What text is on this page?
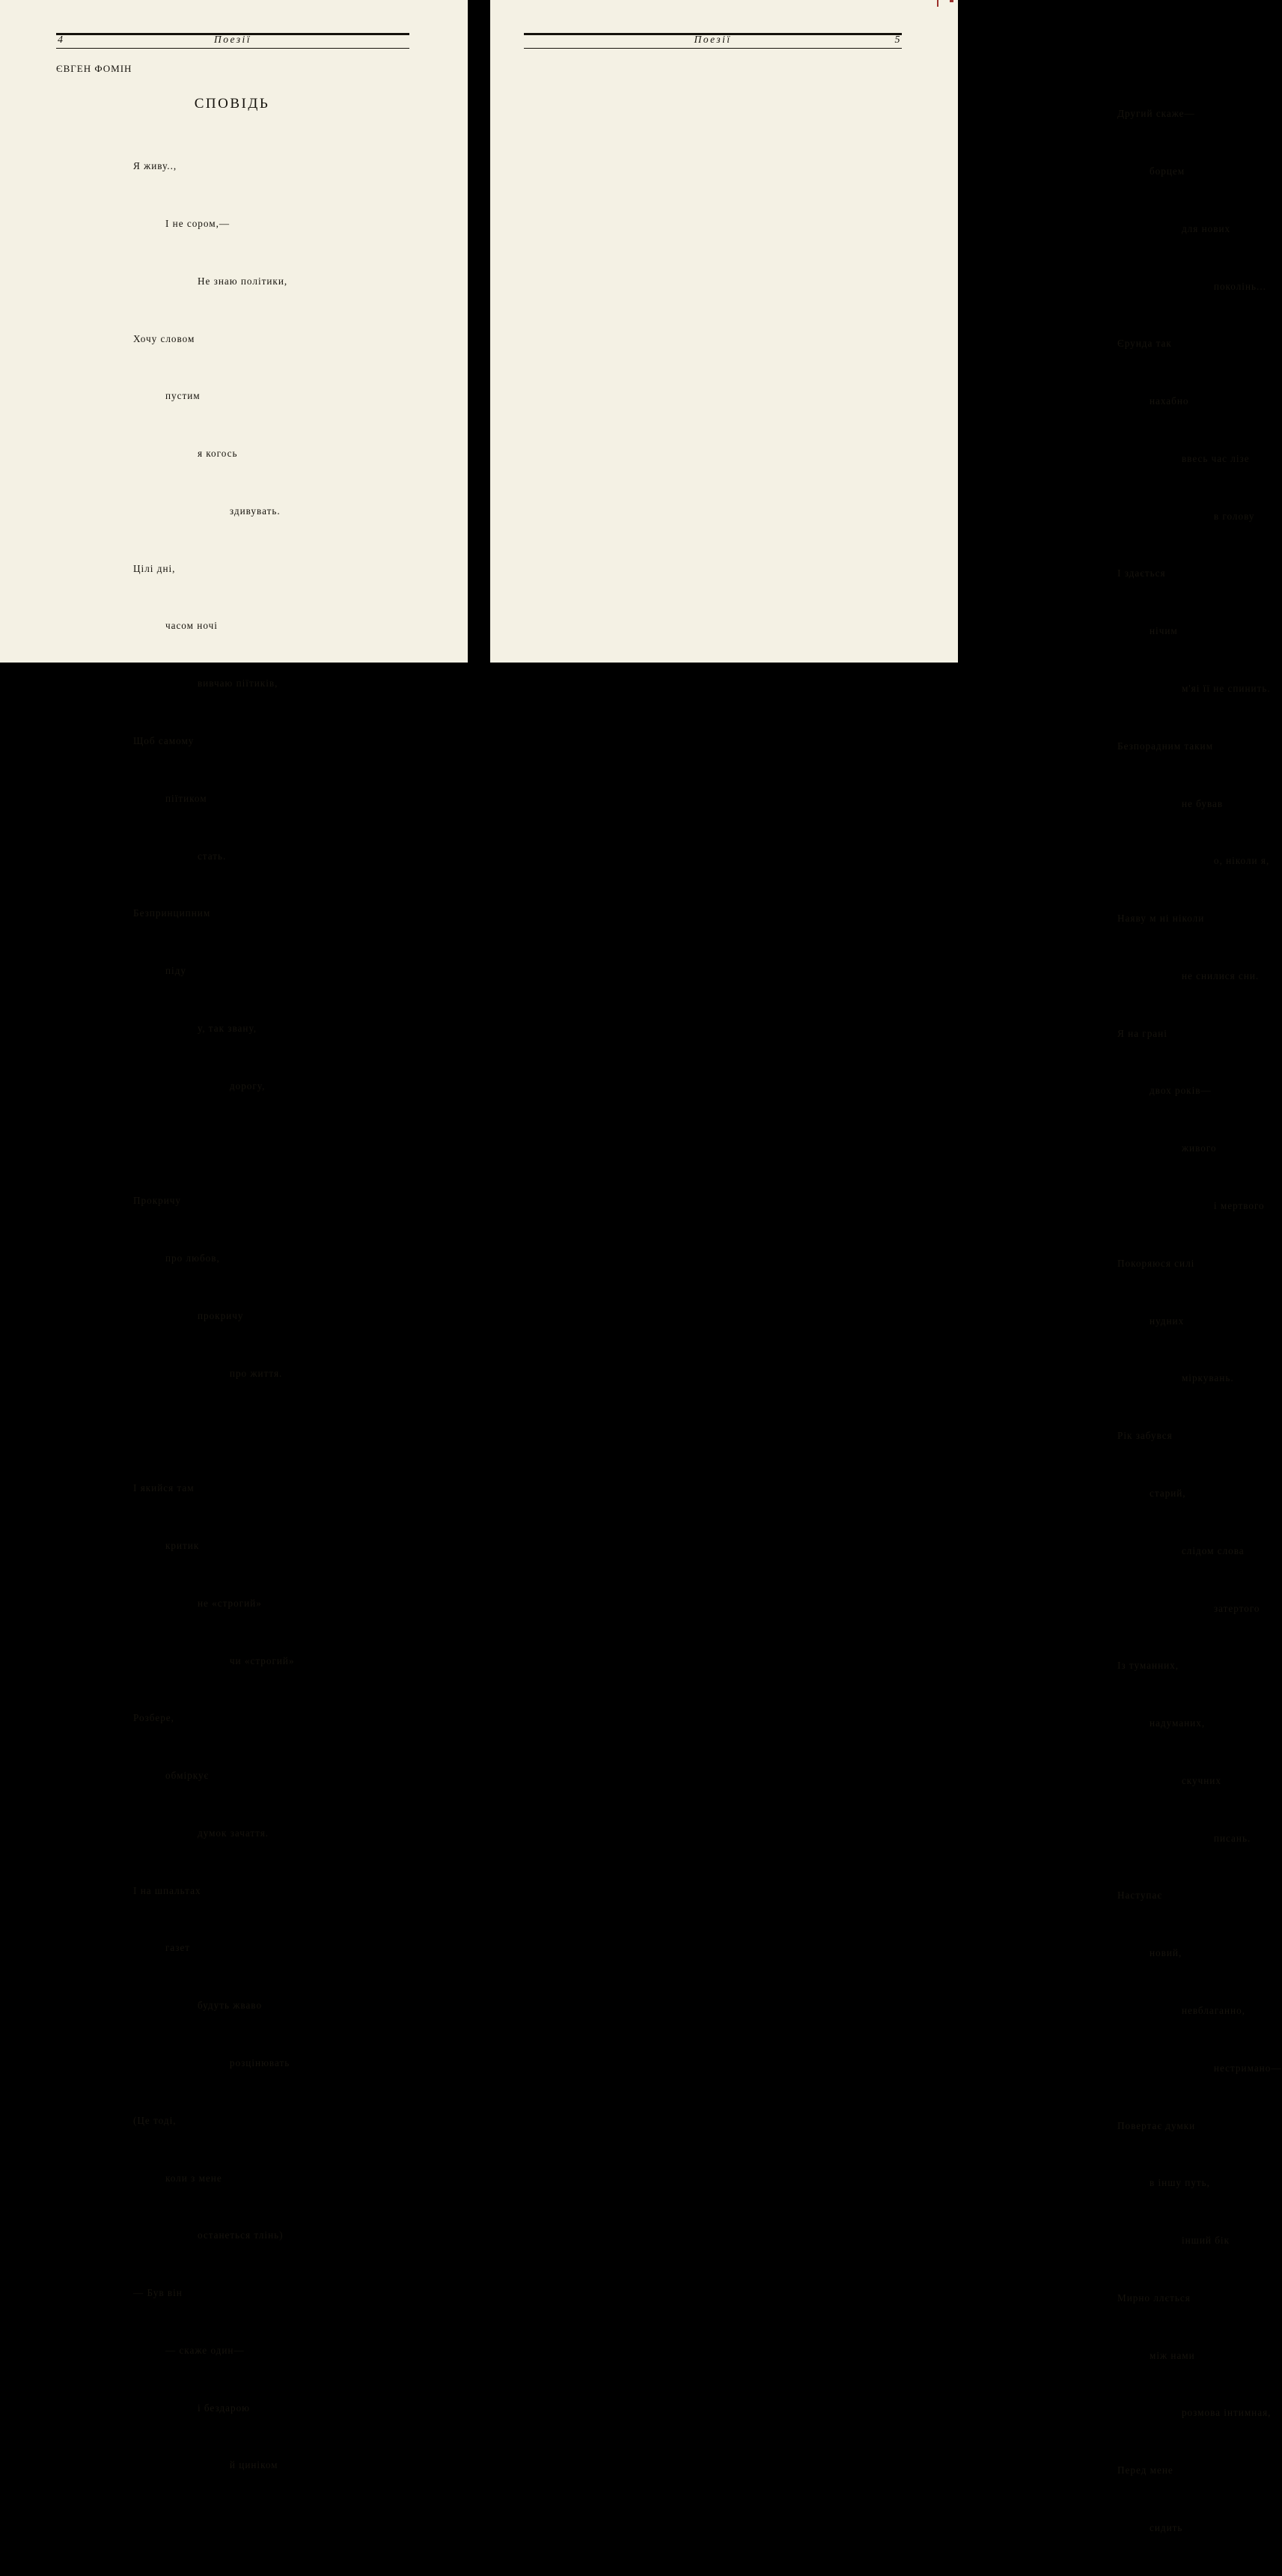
4	Поезії
ЄВГЕН ФОМІН
СПОВІДЬ

Я живу..,

І не сором,—

Не знаю політики,

Хочу словом

пустим

я когось

здивувать.

Цілі дні,

часом ночі

вивчаю піїтиків,

Щоб самому

піїтиком

стать.

Безпринципним

піду

у, так звану,

дорогу,

Прокричу

про любов,

прокричу

про життя.

І якийся там

критик

не «строгий»

чи «строгий»

Розбере,

обміркує

думок зачаття.

І на шпальтах

газет

будуть жваво

розцінювать

(Це тоді,

коли з мене

останеться тлінь)

— Був він

— скаже один—

і бездарою

й циніком

Поезії	5

Другий скаже—

борцем

для нових

поколінь...

Єрунда так

нахабно

ввесь час лізе

в голову

І здається

нічим

м'яі її не спинить.

Безпорадним таким

не бував

о, ніколи я,

Наяву м ні ніколи

не снилися сни.

Я на грані

двох років—

живого

і мертвого

Покоряюся силі

нудних

міркувань.

Рік забувся

старий,

слідом слова

затертого

Із туманних,

надуманих,

скучних

писань.

Наступає

новий,

невблаганно,

нестримано—

Повертає думки

в іншу путь,

інший бік

Мирно ллється

між нами

розмова інтимная,

Перед мене

сидить
